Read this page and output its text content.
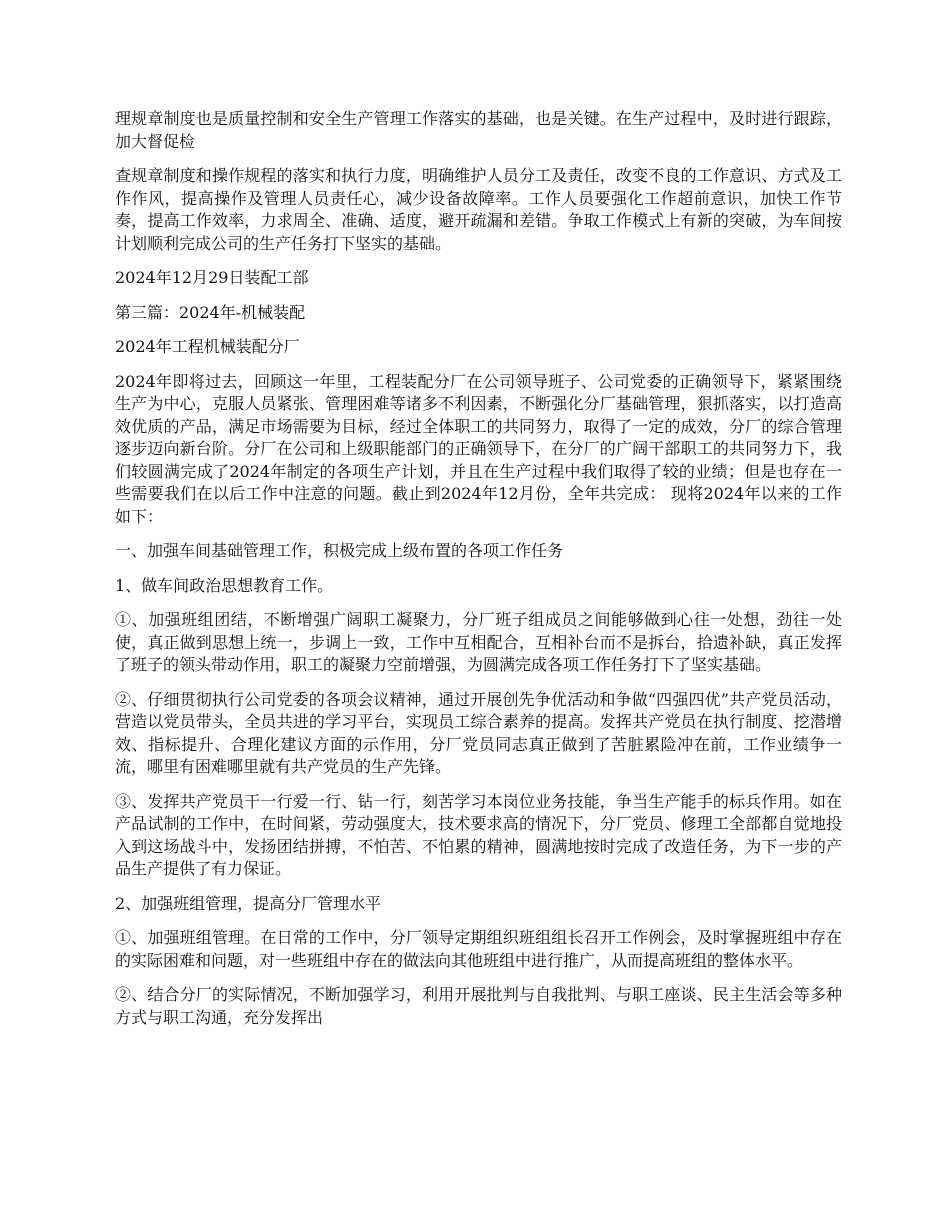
理规章制度也是质量控制和安全生产管理工作落实的基础，也是关键。在生产过程中，及时进行跟踪，加大督促检

查规章制度和操作规程的落实和执行力度，明确维护人员分工及责任，改变不良的工作意识、方式及工作作风，提高操作及管理人员责任心，减少设备故障率。工作人员要强化工作超前意识，加快工作节奏，提高工作效率，力求周全、准确、适度，避开疏漏和差错。争取工作模式上有新的突破，为车间按计划顺利完成公司的生产任务打下坚实的基础。

2024年12月29日装配工部

第三篇：2024年-机械装配

2024年工程机械装配分厂

2024年即将过去，回顾这一年里，工程装配分厂在公司领导班子、公司党委的正确领导下，紧紧围绕生产为中心，克服人员紧张、管理困难等诸多不利因素，不断强化分厂基础管理，狠抓落实，以打造高效优质的产品，满足市场需要为目标，经过全体职工的共同努力，取得了一定的成效，分厂的综合管理逐步迈向新台阶。分厂在公司和上级职能部门的正确领导下，在分厂的广阔干部职工的共同努力下，我们较圆满完成了2024年制定的各项生产计划，并且在生产过程中我们取得了较的业绩；但是也存在一些需要我们在以后工作中注意的问题。截止到2024年12月份，全年共完成： 现将2024年以来的工作如下：

一、加强车间基础管理工作，积极完成上级布置的各项工作任务

1、做车间政治思想教育工作。

①、加强班组团结，不断增强广阔职工凝聚力，分厂班子组成员之间能够做到心往一处想，劲往一处使，真正做到思想上统一，步调上一致，工作中互相配合，互相补台而不是拆台，拾遗补缺，真正发挥了班子的领头带动作用，职工的凝聚力空前增强，为圆满完成各项工作任务打下了坚实基础。

②、仔细贯彻执行公司党委的各项会议精神，通过开展创先争优活动和争做“四强四优”共产党员活动，营造以党员带头，全员共进的学习平台，实现员工综合素养的提高。发挥共产党员在执行制度、挖潜增效、指标提升、合理化建议方面的示作用，分厂党员同志真正做到了苦脏累险冲在前，工作业绩争一流，哪里有困难哪里就有共产党员的生产先锋。

③、发挥共产党员干一行爱一行、钻一行，刻苦学习本岗位业务技能，争当生产能手的标兵作用。如在产品试制的工作中，在时间紧，劳动强度大，技术要求高的情况下，分厂党员、修理工全部都自觉地投入到这场战斗中，发扬团结拼搏，不怕苦、不怕累的精神，圆满地按时完成了改造任务，为下一步的产品生产提供了有力保证。

2、加强班组管理，提高分厂管理水平

①、加强班组管理。在日常的工作中，分厂领导定期组织班组组长召开工作例会，及时掌握班组中存在的实际困难和问题，对一些班组中存在的做法向其他班组中进行推广，从而提高班组的整体水平。

②、结合分厂的实际情况，不断加强学习，利用开展批判与自我批判、与职工座谈、民主生活会等多种方式与职工沟通，充分发挥出
